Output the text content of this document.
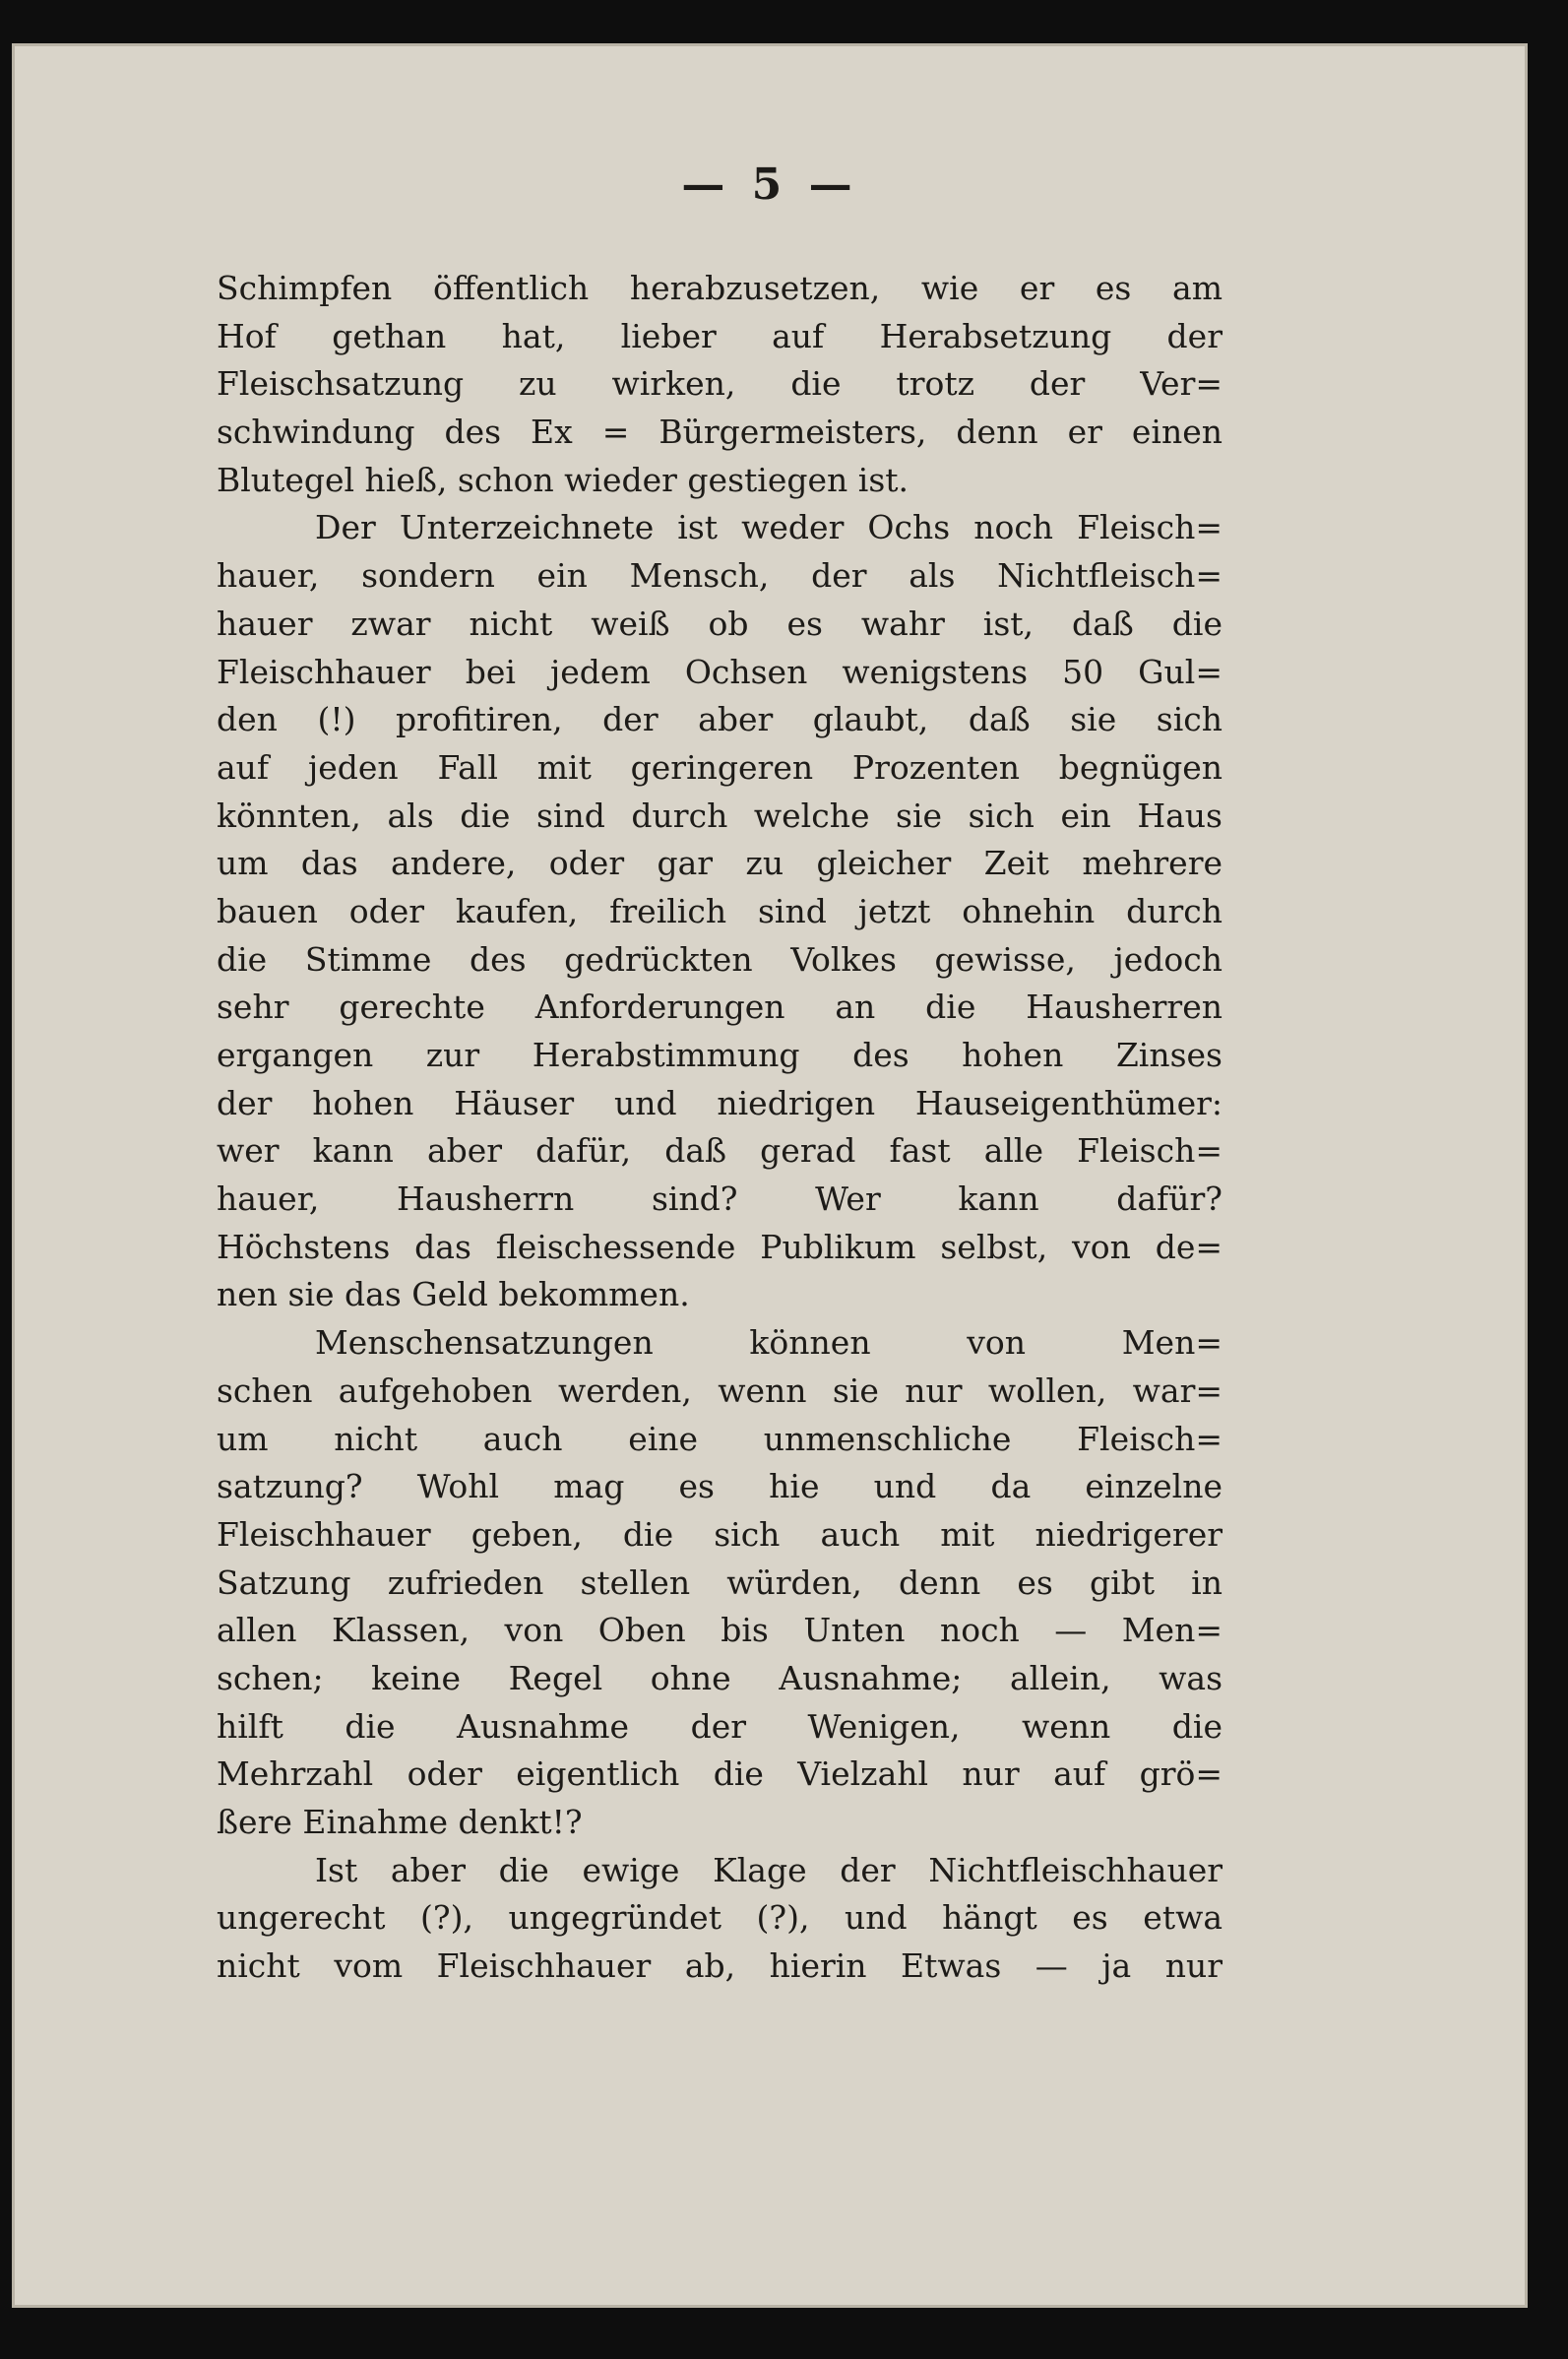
— 5 —
Schimpfen öffentlich herabzusetzen, wie er es am
Hof gethan hat, lieber auf Herabsetzung der
Fleischsatzung zu wirken, die trotz der Ver=
schwindung des Ex = Bürgermeisters, denn er einen
Blutegel hieß, schon wieder gestiegen ist.
Der Unterzeichnete ist weder Ochs noch Fleisch=
hauer, sondern ein Mensch, der als Nichtfleisch=
hauer zwar nicht weiß ob es wahr ist, daß die
Fleischhauer bei jedem Ochsen wenigstens 50 Gul=
den (!) profitiren, der aber glaubt, daß sie sich
auf jeden Fall mit geringeren Prozenten begnügen
könnten, als die sind durch welche sie sich ein Haus
um das andere, oder gar zu gleicher Zeit mehrere
bauen oder kaufen, freilich sind jetzt ohnehin durch
die Stimme des gedrückten Volkes gewisse, jedoch
sehr gerechte Anforderungen an die Hausherren
ergangen zur Herabstimmung des hohen Zinses
der hohen Häuser und niedrigen Hauseigenthümer:
wer kann aber dafür, daß gerad fast alle Fleisch=
hauer, Hausherrn sind? Wer kann dafür?
Höchstens das fleischessende Publikum selbst, von de=
nen sie das Geld bekommen.
Menschensatzungen können von Men=
schen aufgehoben werden, wenn sie nur wollen, war=
um nicht auch eine unmenschliche Fleisch=
satzung? Wohl mag es hie und da einzelne
Fleischhauer geben, die sich auch mit niedrigerer
Satzung zufrieden stellen würden, denn es gibt in
allen Klassen, von Oben bis Unten noch — Men=
schen; keine Regel ohne Ausnahme; allein, was
hilft die Ausnahme der Wenigen, wenn die
Mehrzahl oder eigentlich die Vielzahl nur auf grö=
ßere Einahme denkt!?
Ist aber die ewige Klage der Nichtfleischhauer
ungerecht (?), ungegründet (?), und hängt es etwa
nicht vom Fleischhauer ab, hierin Etwas — ja nur
